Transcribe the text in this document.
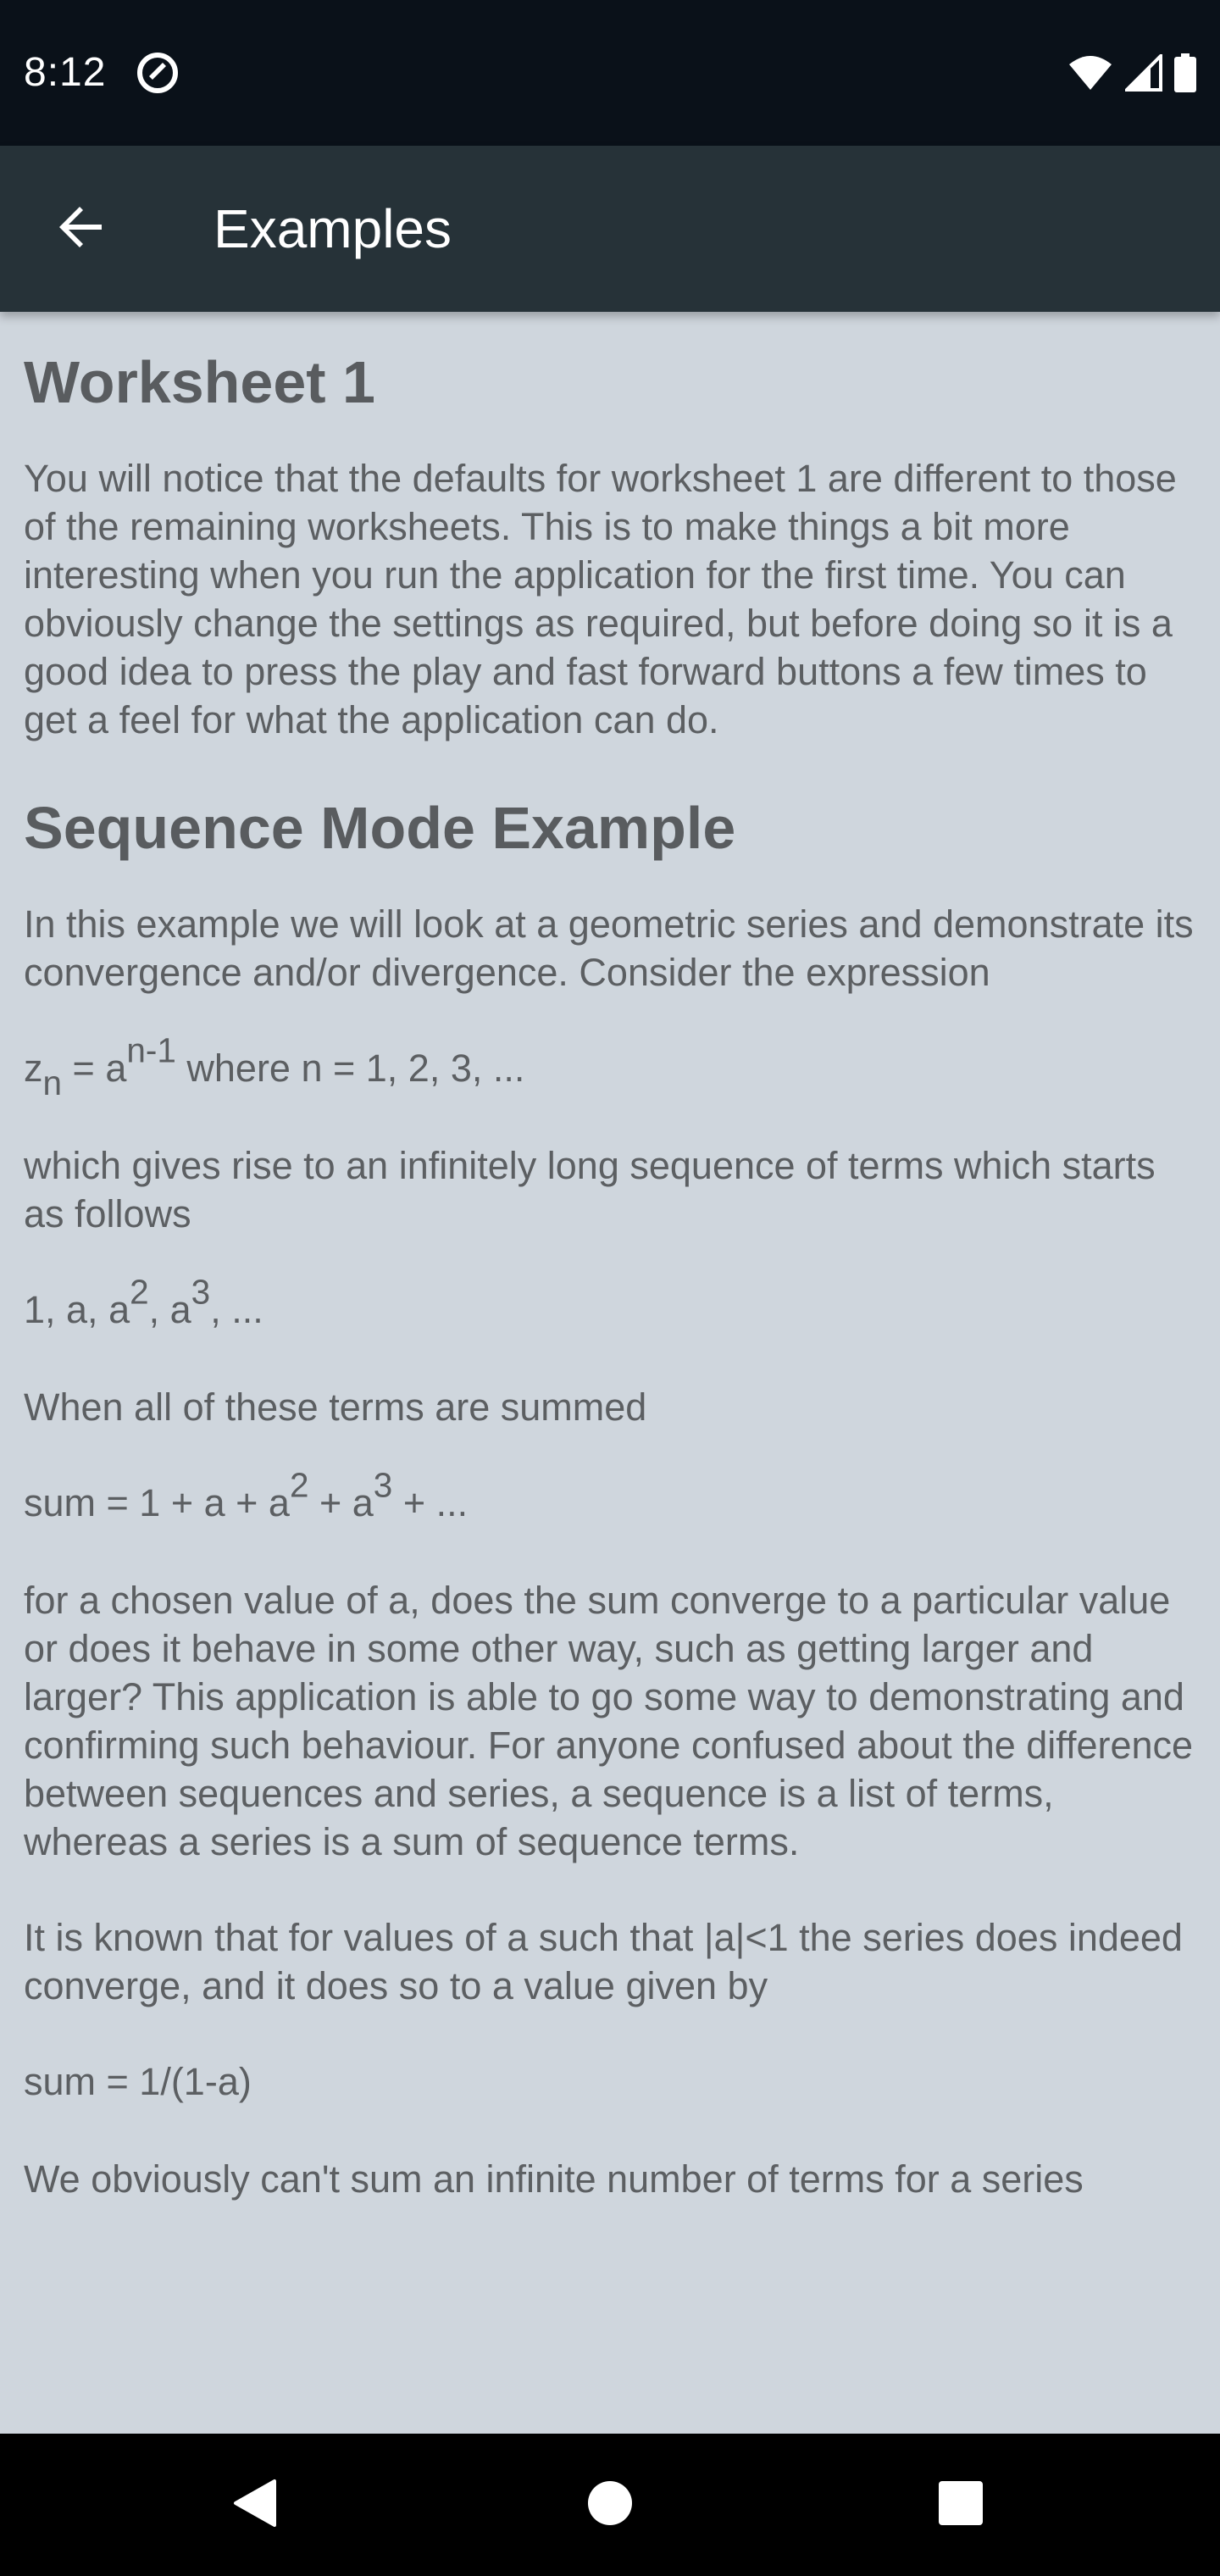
8:12
Examples
Worksheet 1

You will notice that the defaults for worksheet 1 are different to those of the remaining worksheets. This is to make things a bit more interesting when you run the application for the first time. You can obviously change the settings as required, but before doing so it is a good idea to press the play and fast forward buttons a few times to get a feel for what the application can do.

Sequence Mode Example

In this example we will look at a geometric series and demonstrate its convergence and/or divergence. Consider the expression

$z_n = a^{n-1}$ where n = 1, 2, 3, ...

which gives rise to an infinitely long sequence of terms which starts as follows

1, a, $a^2$, $a^3$, ...

When all of these terms are summed

sum = $1 + a + a^2 + a^3$ + ...

for a chosen value of a, does the sum converge to a particular value or does it behave in some other way, such as getting larger and larger? This application is able to go some way to demonstrating and confirming such behaviour. For anyone confused about the difference between sequences and series, a sequence is a list of terms, whereas a series is a sum of sequence terms.

It is known that for values of a such that |a|<1 the series does indeed converge, and it does so to a value given by

sum = 1/(1-a)

We obviously can't sum an infinite number of terms for a series
